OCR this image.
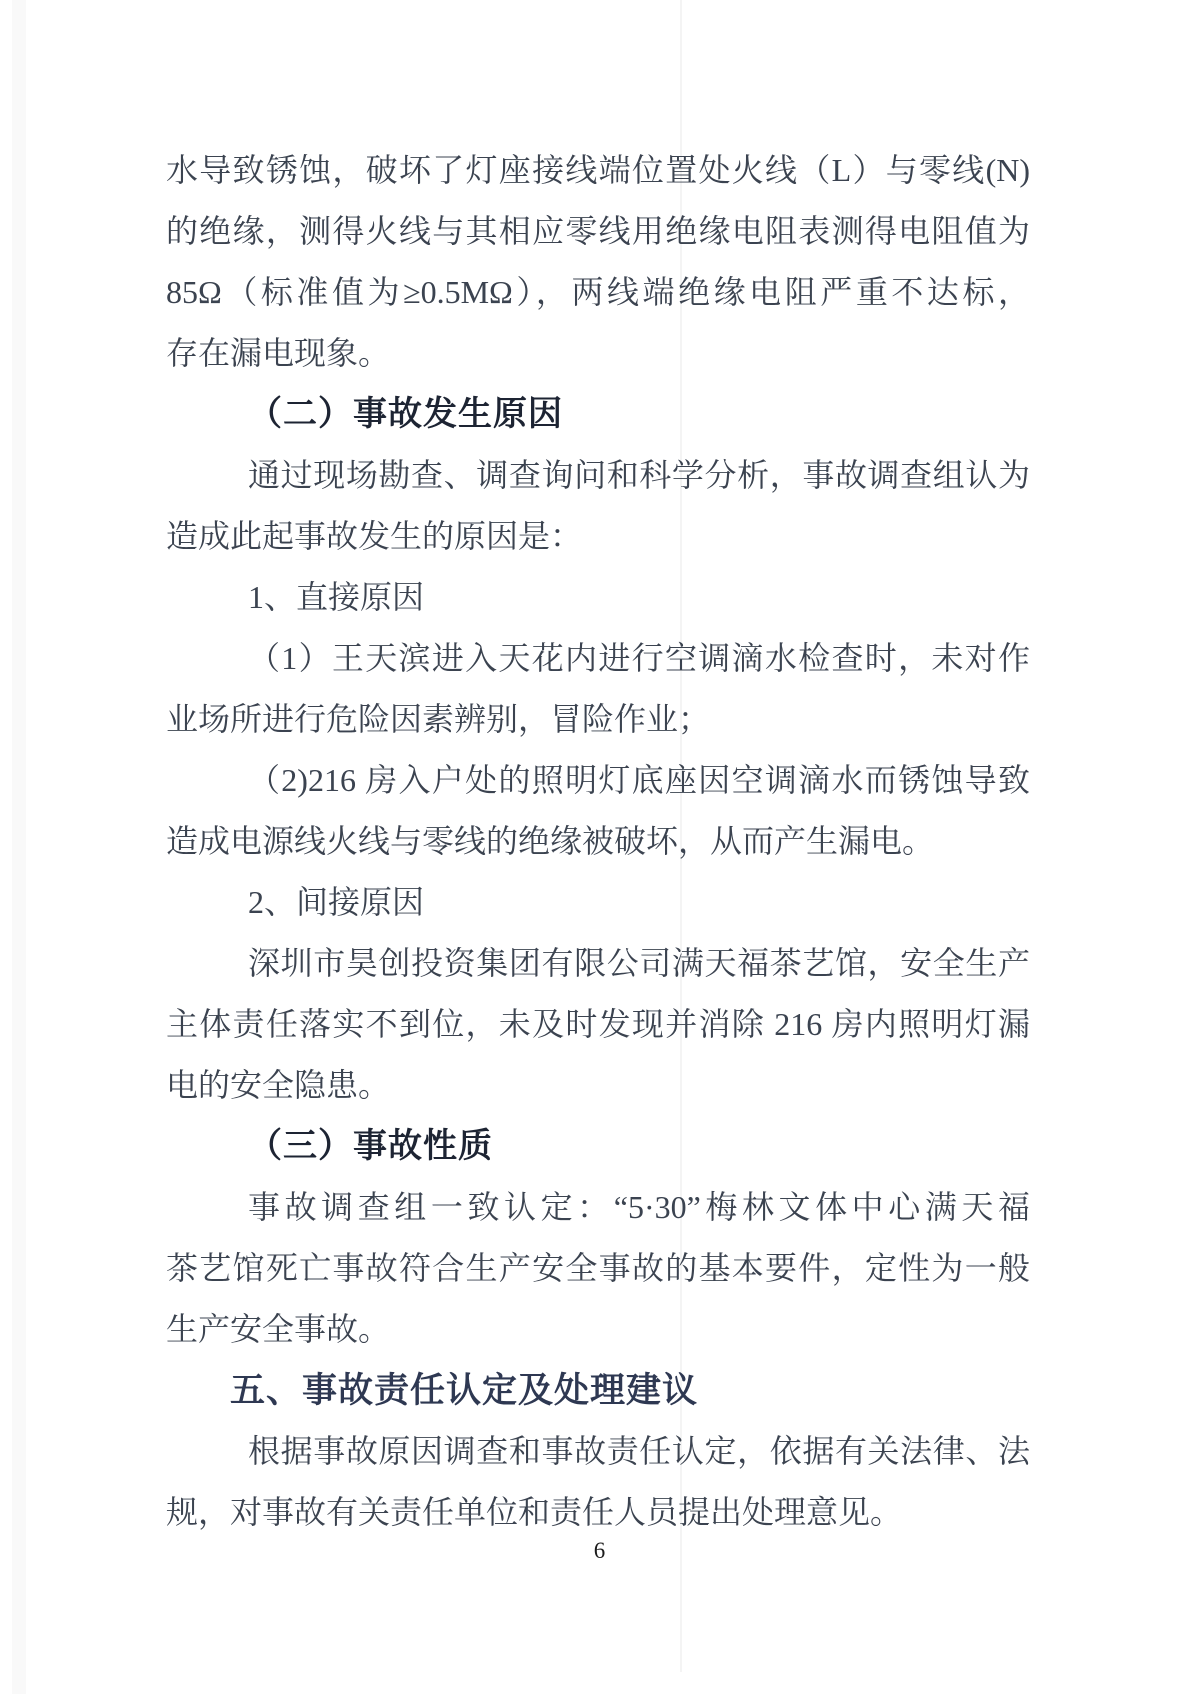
水导致锈蚀，破坏了灯座接线端位置处火线（L）与零线(N)
的绝缘，测得火线与其相应零线用绝缘电阻表测得电阻值为
85Ω（标准值为≥0.5MΩ），两线端绝缘电阻严重不达标，
存在漏电现象。
（二）事故发生原因
通过现场勘查、调查询问和科学分析，事故调查组认为
造成此起事故发生的原因是：
1、直接原因
（1）王天滨进入天花内进行空调滴水检查时，未对作
业场所进行危险因素辨别，冒险作业；
（2)216 房入户处的照明灯底座因空调滴水而锈蚀导致
造成电源线火线与零线的绝缘被破坏，从而产生漏电。
2、间接原因
深圳市昊创投资集团有限公司满天福茶艺馆，安全生产
主体责任落实不到位，未及时发现并消除 216 房内照明灯漏
电的安全隐患。
（三）事故性质
事故调查组一致认定：“5·30”梅林文体中心满天福
茶艺馆死亡事故符合生产安全事故的基本要件，定性为一般
生产安全事故。
五、事故责任认定及处理建议
根据事故原因调查和事故责任认定，依据有关法律、法
规，对事故有关责任单位和责任人员提出处理意见。
6
